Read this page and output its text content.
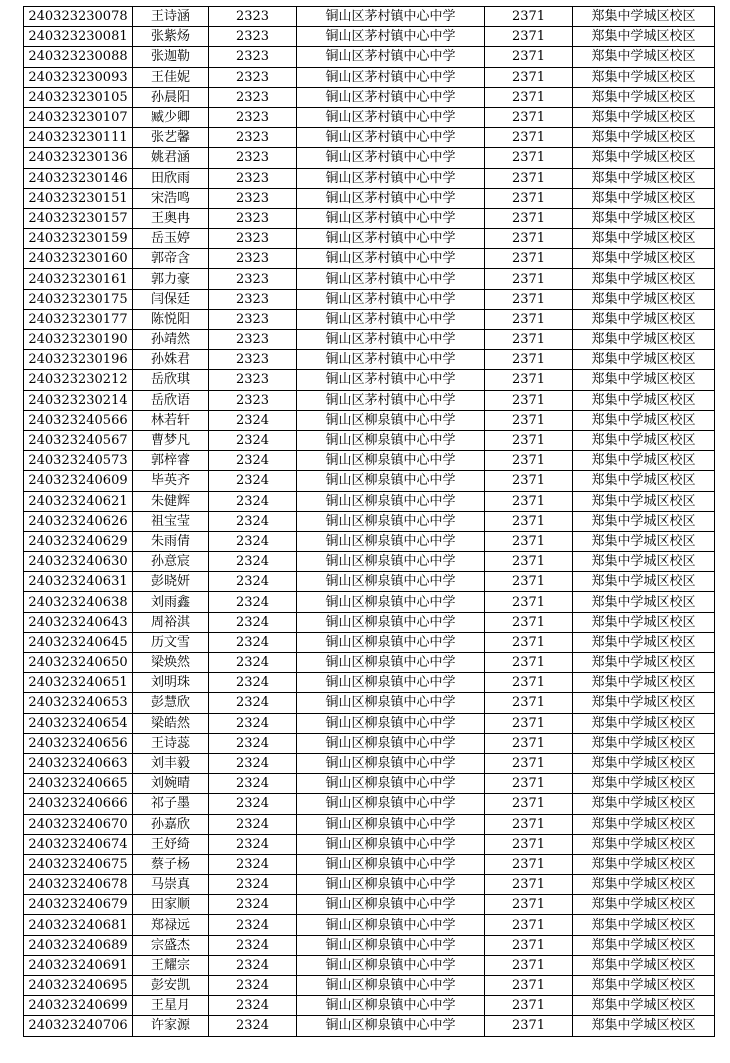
240323230078	王诗涵	2323	铜山区茅村镇中心中学	2371	郑集中学城区校区
240323230081	张紫炀	2323	铜山区茅村镇中心中学	2371	郑集中学城区校区
240323230088	张迦勒	2323	铜山区茅村镇中心中学	2371	郑集中学城区校区
240323230093	王佳妮	2323	铜山区茅村镇中心中学	2371	郑集中学城区校区
240323230105	孙晨阳	2323	铜山区茅村镇中心中学	2371	郑集中学城区校区
240323230107	臧少卿	2323	铜山区茅村镇中心中学	2371	郑集中学城区校区
240323230111	张艺馨	2323	铜山区茅村镇中心中学	2371	郑集中学城区校区
240323230136	姚君涵	2323	铜山区茅村镇中心中学	2371	郑集中学城区校区
240323230146	田欣雨	2323	铜山区茅村镇中心中学	2371	郑集中学城区校区
240323230151	宋浩鸣	2323	铜山区茅村镇中心中学	2371	郑集中学城区校区
240323230157	王奥冉	2323	铜山区茅村镇中心中学	2371	郑集中学城区校区
240323230159	岳玉婷	2323	铜山区茅村镇中心中学	2371	郑集中学城区校区
240323230160	郭帝含	2323	铜山区茅村镇中心中学	2371	郑集中学城区校区
240323230161	郭力豪	2323	铜山区茅村镇中心中学	2371	郑集中学城区校区
240323230175	闫保廷	2323	铜山区茅村镇中心中学	2371	郑集中学城区校区
240323230177	陈悦阳	2323	铜山区茅村镇中心中学	2371	郑集中学城区校区
240323230190	孙靖然	2323	铜山区茅村镇中心中学	2371	郑集中学城区校区
240323230196	孙姝君	2323	铜山区茅村镇中心中学	2371	郑集中学城区校区
240323230212	岳欣琪	2323	铜山区茅村镇中心中学	2371	郑集中学城区校区
240323230214	岳欣语	2323	铜山区茅村镇中心中学	2371	郑集中学城区校区
240323240566	林若轩	2324	铜山区柳泉镇中心中学	2371	郑集中学城区校区
240323240567	曹梦凡	2324	铜山区柳泉镇中心中学	2371	郑集中学城区校区
240323240573	郭梓睿	2324	铜山区柳泉镇中心中学	2371	郑集中学城区校区
240323240609	毕英齐	2324	铜山区柳泉镇中心中学	2371	郑集中学城区校区
240323240621	朱健辉	2324	铜山区柳泉镇中心中学	2371	郑集中学城区校区
240323240626	祖宝莹	2324	铜山区柳泉镇中心中学	2371	郑集中学城区校区
240323240629	朱雨倩	2324	铜山区柳泉镇中心中学	2371	郑集中学城区校区
240323240630	孙意宸	2324	铜山区柳泉镇中心中学	2371	郑集中学城区校区
240323240631	彭晓妍	2324	铜山区柳泉镇中心中学	2371	郑集中学城区校区
240323240638	刘雨鑫	2324	铜山区柳泉镇中心中学	2371	郑集中学城区校区
240323240643	周裕淇	2324	铜山区柳泉镇中心中学	2371	郑集中学城区校区
240323240645	历文雪	2324	铜山区柳泉镇中心中学	2371	郑集中学城区校区
240323240650	梁焕然	2324	铜山区柳泉镇中心中学	2371	郑集中学城区校区
240323240651	刘明珠	2324	铜山区柳泉镇中心中学	2371	郑集中学城区校区
240323240653	彭慧欣	2324	铜山区柳泉镇中心中学	2371	郑集中学城区校区
240323240654	梁皓然	2324	铜山区柳泉镇中心中学	2371	郑集中学城区校区
240323240656	王诗蕊	2324	铜山区柳泉镇中心中学	2371	郑集中学城区校区
240323240663	刘丰毅	2324	铜山区柳泉镇中心中学	2371	郑集中学城区校区
240323240665	刘婉晴	2324	铜山区柳泉镇中心中学	2371	郑集中学城区校区
240323240666	祁子墨	2324	铜山区柳泉镇中心中学	2371	郑集中学城区校区
240323240670	孙嘉欣	2324	铜山区柳泉镇中心中学	2371	郑集中学城区校区
240323240674	王妤绮	2324	铜山区柳泉镇中心中学	2371	郑集中学城区校区
240323240675	蔡子杨	2324	铜山区柳泉镇中心中学	2371	郑集中学城区校区
240323240678	马崇真	2324	铜山区柳泉镇中心中学	2371	郑集中学城区校区
240323240679	田家顺	2324	铜山区柳泉镇中心中学	2371	郑集中学城区校区
240323240681	郑禄远	2324	铜山区柳泉镇中心中学	2371	郑集中学城区校区
240323240689	宗盛杰	2324	铜山区柳泉镇中心中学	2371	郑集中学城区校区
240323240691	王耀宗	2324	铜山区柳泉镇中心中学	2371	郑集中学城区校区
240323240695	彭安凯	2324	铜山区柳泉镇中心中学	2371	郑集中学城区校区
240323240699	王星月	2324	铜山区柳泉镇中心中学	2371	郑集中学城区校区
240323240706	许家源	2324	铜山区柳泉镇中心中学	2371	郑集中学城区校区
